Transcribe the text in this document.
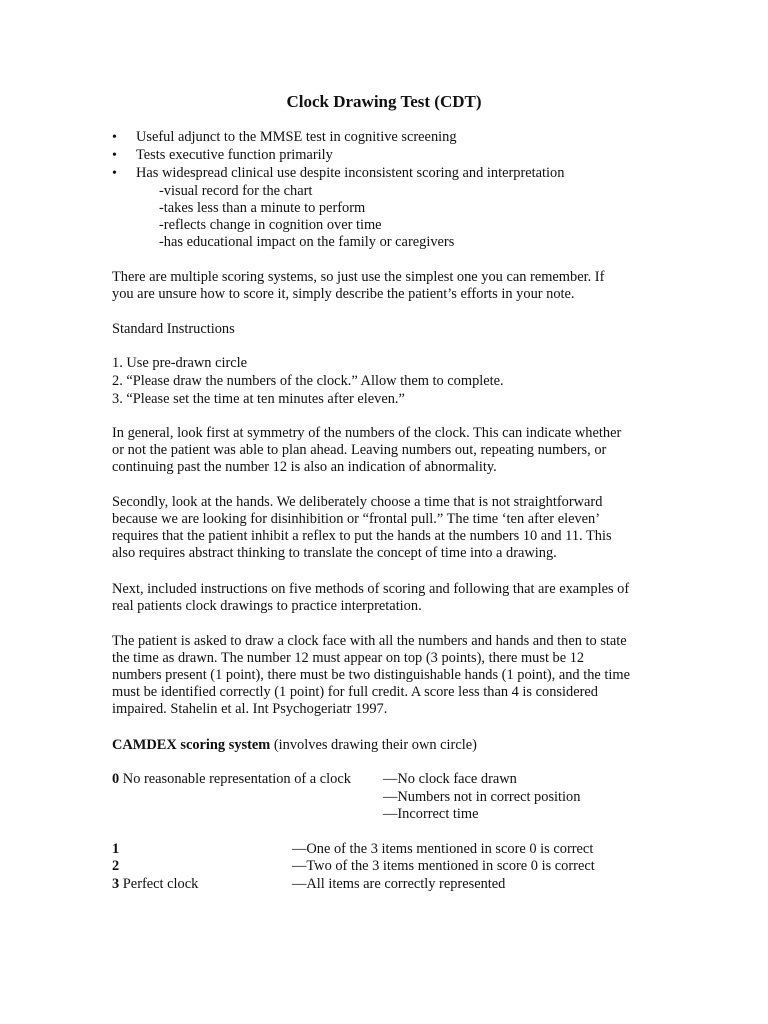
Clock Drawing Test (CDT)
• Useful adjunct to the MMSE test in cognitive screening
• Tests executive function primarily
• Has widespread clinical use despite inconsistent scoring and interpretation
-visual record for the chart
-takes less than a minute to perform
-reflects change in cognition over time
-has educational impact on the family or caregivers
There are multiple scoring systems, so just use the simplest one you can remember. If
you are unsure how to score it, simply describe the patient’s efforts in your note.
Standard Instructions
1. Use pre-drawn circle
2. “Please draw the numbers of the clock.” Allow them to complete.
3. “Please set the time at ten minutes after eleven.”
In general, look first at symmetry of the numbers of the clock. This can indicate whether
or not the patient was able to plan ahead. Leaving numbers out, repeating numbers, or
continuing past the number 12 is also an indication of abnormality.
Secondly, look at the hands. We deliberately choose a time that is not straightforward
because we are looking for disinhibition or “frontal pull.” The time ‘ten after eleven’
requires that the patient inhibit a reflex to put the hands at the numbers 10 and 11. This
also requires abstract thinking to translate the concept of time into a drawing.
Next, included instructions on five methods of scoring and following that are examples of
real patients clock drawings to practice interpretation.
The patient is asked to draw a clock face with all the numbers and hands and then to state
the time as drawn. The number 12 must appear on top (3 points), there must be 12
numbers present (1 point), there must be two distinguishable hands (1 point), and the time
must be identified correctly (1 point) for full credit. A score less than 4 is considered
impaired. Stahelin et al. Int Psychogeriatr 1997.
CAMDEX scoring system (involves drawing their own circle)
0 No reasonable representation of a clock —No clock face drawn
—Numbers not in correct position
—Incorrect time
1	—One of the 3 items mentioned in score 0 is correct
2	—Two of the 3 items mentioned in score 0 is correct
3 Perfect clock	—All items are correctly represented
